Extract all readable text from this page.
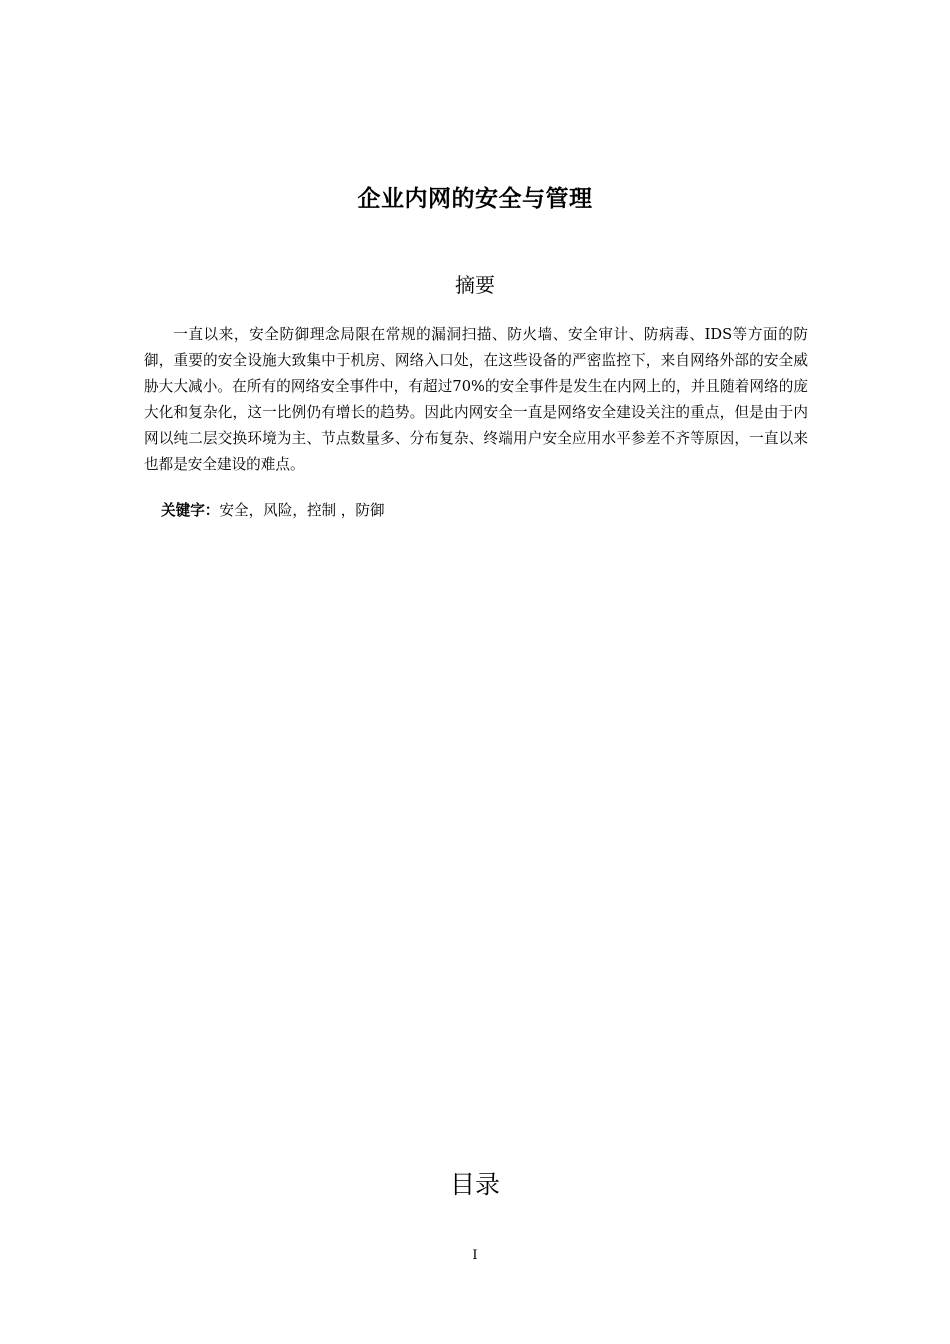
企业内网的安全与管理
摘要

一直以来，安全防御理念局限在常规的漏洞扫描、防火墙、安全审计、防病毒、IDS等方面的防御，重要的安全设施大致集中于机房、网络入口处，在这些设备的严密监控下，来自网络外部的安全威胁大大减小。在所有的网络安全事件中，有超过70%的安全事件是发生在内网上的，并且随着网络的庞大化和复杂化，这一比例仍有增长的趋势。因此内网安全一直是网络安全建设关注的重点，但是由于内网以纯二层交换环境为主、节点数量多、分布复杂、终端用户安全应用水平参差不齐等原因，一直以来也都是安全建设的难点。

关键字：安全，风险，控制 ，防御
目录
I
